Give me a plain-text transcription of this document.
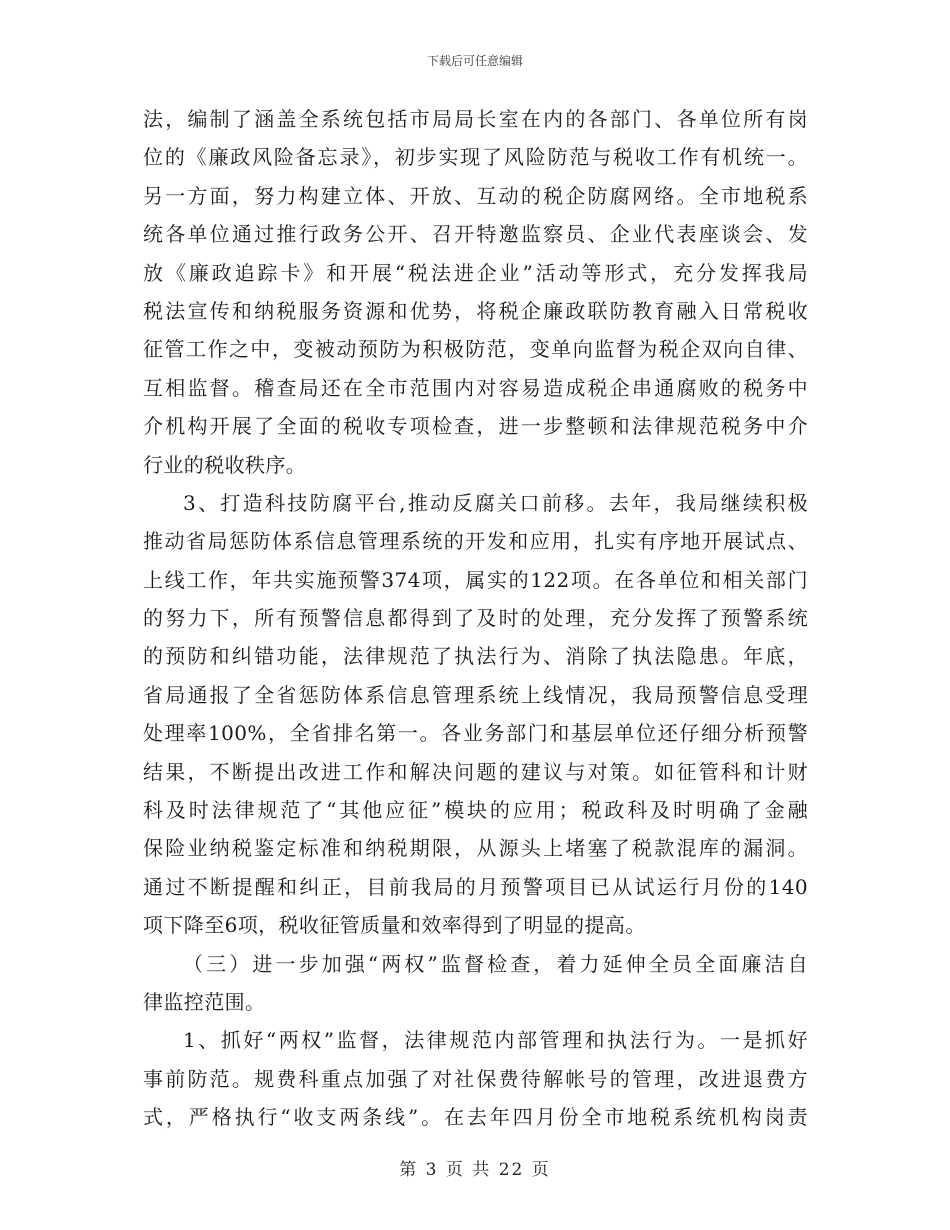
下载后可任意编辑
法，编制了涵盖全系统包括市局局长室在内的各部门、各单位所有岗
位的《廉政风险备忘录》，初步实现了风险防范与税收工作有机统一。
另一方面，努力构建立体、开放、互动的税企防腐网络。全市地税系
统各单位通过推行政务公开、召开特邀监察员、企业代表座谈会、发
放《廉政追踪卡》和开展“税法进企业”活动等形式，充分发挥我局
税法宣传和纳税服务资源和优势，将税企廉政联防教育融入日常税收
征管工作之中，变被动预防为积极防范，变单向监督为税企双向自律、
互相监督。稽查局还在全市范围内对容易造成税企串通腐败的税务中
介机构开展了全面的税收专项检查，进一步整顿和法律规范税务中介
行业的税收秩序。
3、打造科技防腐平台,推动反腐关口前移。去年，我局继续积极
推动省局惩防体系信息管理系统的开发和应用，扎实有序地开展试点、
上线工作，年共实施预警374项，属实的122项。在各单位和相关部门
的努力下，所有预警信息都得到了及时的处理，充分发挥了预警系统
的预防和纠错功能，法律规范了执法行为、消除了执法隐患。年底，
省局通报了全省惩防体系信息管理系统上线情况，我局预警信息受理
处理率100%，全省排名第一。各业务部门和基层单位还仔细分析预警
结果，不断提出改进工作和解决问题的建议与对策。如征管科和计财
科及时法律规范了“其他应征”模块的应用；税政科及时明确了金融
保险业纳税鉴定标准和纳税期限，从源头上堵塞了税款混库的漏洞。
通过不断提醒和纠正，目前我局的月预警项目已从试运行月份的140
项下降至6项，税收征管质量和效率得到了明显的提高。
（三）进一步加强“两权”监督检查，着力延伸全员全面廉洁自
律监控范围。
1、抓好“两权”监督，法律规范内部管理和执法行为。一是抓好
事前防范。规费科重点加强了对社保费待解帐号的管理，改进退费方
式，严格执行“收支两条线”。在去年四月份全市地税系统机构岗责
第 3 页 共 22 页
